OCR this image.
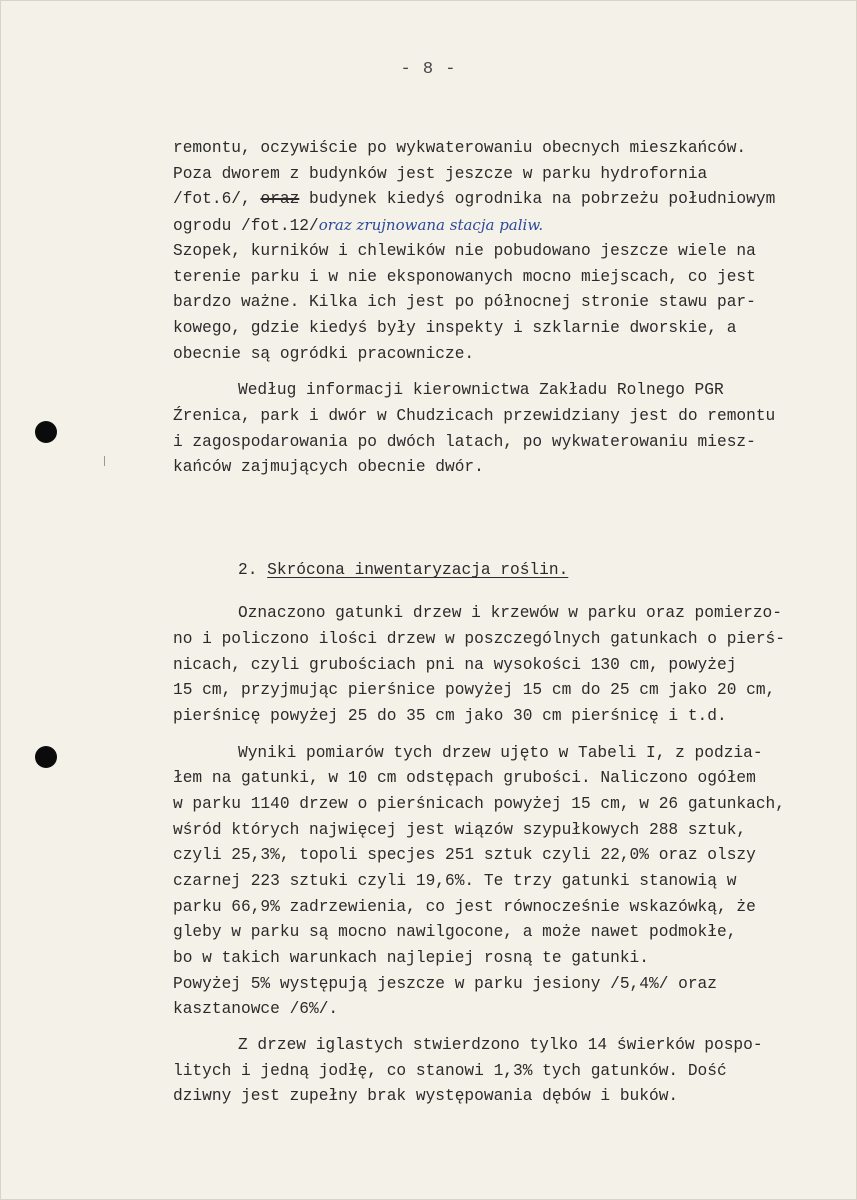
- 8 -
remontu, oczywiście po wykwaterowaniu obecnych mieszkańców.
Poza dworem z budynków jest jeszcze w parku hydrofornia
/fot.6/, oraz budynek kiedyś ogrodnika na pobrzeżu południowym
ogrodu /fot.12/oraz zrujnowana stacja paliw.
Szopek, kurników i chlewików nie pobudowano jeszcze wiele na
terenie parku i w nie eksponowanych mocno miejscach, co jest
bardzo ważne. Kilka ich jest po północnej stronie stawu par-
kowego, gdzie kiedyś były inspekty i szklarnie dworskie, a
obecnie są ogródki pracownicze.
Według informacji kierownictwa Zakładu Rolnego PGR
Źrenica, park i dwór w Chudzicach przewidziany jest do remontu
i zagospodarowania po dwóch latach, po wykwaterowaniu miesz-
kańców zajmujących obecnie dwór.
2. Skrócona inwentaryzacja roślin.
Oznaczono gatunki drzew i krzewów w parku oraz pomierzo-
no i policzono ilości drzew w poszczególnych gatunkach o pierś-
nicach, czyli grubościach pni na wysokości 130 cm, powyżej
15 cm, przyjmując pierśnice powyżej 15 cm do 25 cm jako 20 cm,
pierśnicę powyżej 25 do 35 cm jako 30 cm pierśnicę i t.d.
Wyniki pomiarów tych drzew ujęto w Tabeli I, z podzia-
łem na gatunki, w 10 cm odstępach grubości. Naliczono ogółem
w parku 1140 drzew o pierśnicach powyżej 15 cm, w 26 gatunkach,
wśród których najwięcej jest wiązów szypułkowych 288 sztuk,
czyli 25,3%, topoli specjes 251 sztuk czyli 22,0% oraz olszy
czarnej 223 sztuki czyli 19,6%. Te trzy gatunki stanowią w
parku 66,9% zadrzewienia, co jest równocześnie wskazówką, że
gleby w parku są mocno nawilgocone, a może nawet podmokłe,
bo w takich warunkach najlepiej rosną te gatunki.
Powyżej 5% występują jeszcze w parku jesiony /5,4%/ oraz
kasztanowce /6%/.
Z drzew iglastych stwierdzono tylko 14 świerków pospo-
litych i jedną jodłę, co stanowi 1,3% tych gatunków. Dość
dziwny jest zupełny brak występowania dębów i buków.
